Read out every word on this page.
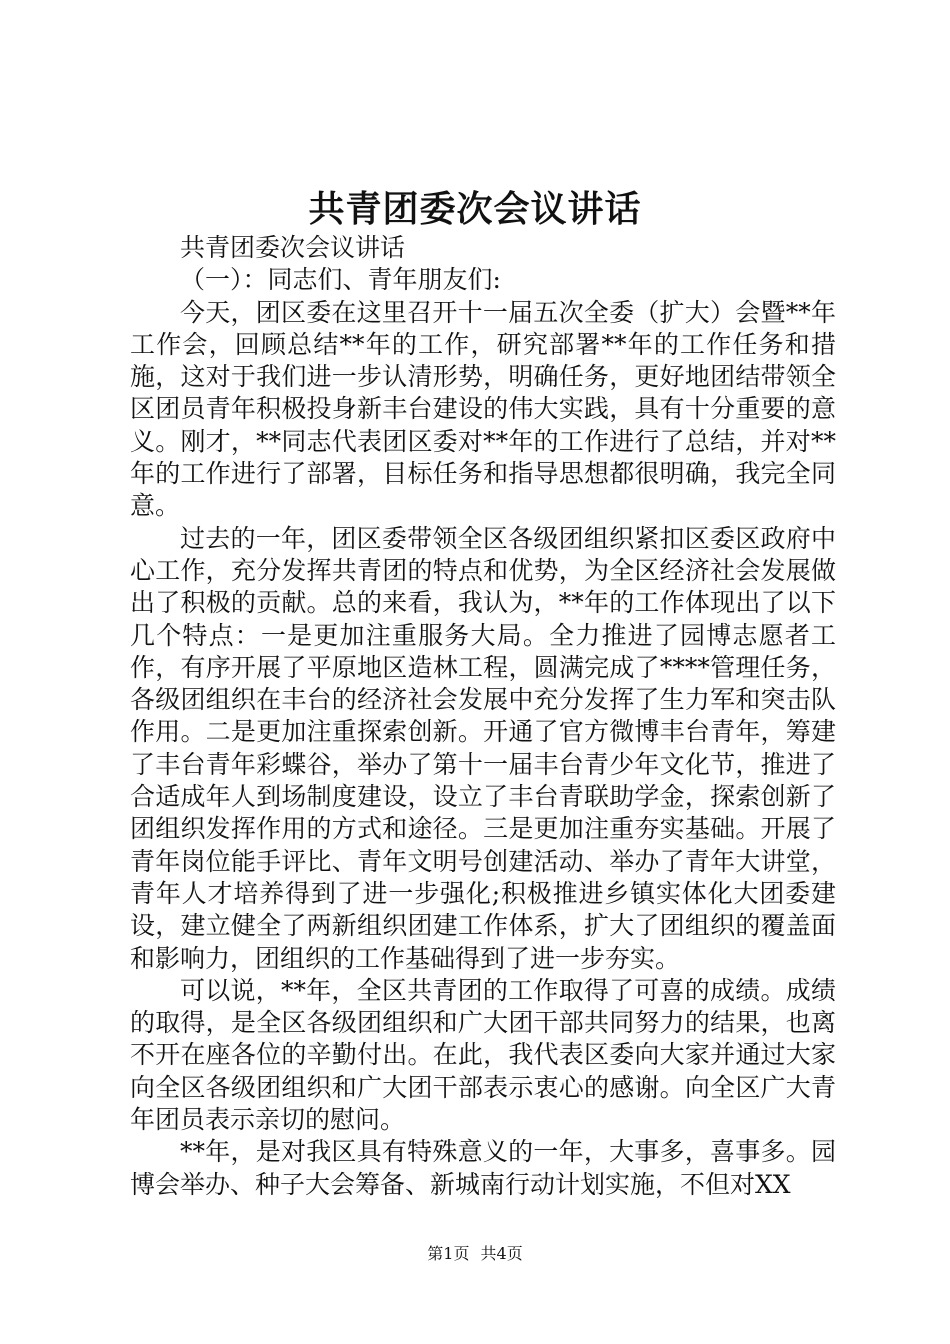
共青团委次会议讲话

共青团委次会议讲话

（一）：同志们、青年朋友们:

今天，团区委在这里召开十一届五次全委（扩大）会暨**年工作会，回顾总结**年的工作，研究部署**年的工作任务和措施，这对于我们进一步认清形势，明确任务，更好地团结带领全区团员青年积极投身新丰台建设的伟大实践，具有十分重要的意义。刚才，**同志代表团区委对**年的工作进行了总结，并对**年的工作进行了部署，目标任务和指导思想都很明确，我完全同意。

过去的一年，团区委带领全区各级团组织紧扣区委区政府中心工作，充分发挥共青团的特点和优势，为全区经济社会发展做出了积极的贡献。总的来看，我认为，**年的工作体现出了以下几个特点：一是更加注重服务大局。全力推进了园博志愿者工作，有序开展了平原地区造林工程，圆满完成了****管理任务，各级团组织在丰台的经济社会发展中充分发挥了生力军和突击队作用。二是更加注重探索创新。开通了官方微博丰台青年，筹建了丰台青年彩蝶谷，举办了第十一届丰台青少年文化节，推进了合适成年人到场制度建设，设立了丰台青联助学金，探索创新了团组织发挥作用的方式和途径。三是更加注重夯实基础。开展了青年岗位能手评比、青年文明号创建活动、举办了青年大讲堂，青年人才培养得到了进一步强化;积极推进乡镇实体化大团委建设，建立健全了两新组织团建工作体系，扩大了团组织的覆盖面和影响力，团组织的工作基础得到了进一步夯实。

可以说，**年，全区共青团的工作取得了可喜的成绩。成绩的取得，是全区各级团组织和广大团干部共同努力的结果，也离不开在座各位的辛勤付出。在此，我代表区委向大家并通过大家向全区各级团组织和广大团干部表示衷心的感谢。向全区广大青年团员表示亲切的慰问。

**年，是对我区具有特殊意义的一年，大事多，喜事多。园博会举办、种子大会筹备、新城南行动计划实施，不但对XX

第1页 共4页
